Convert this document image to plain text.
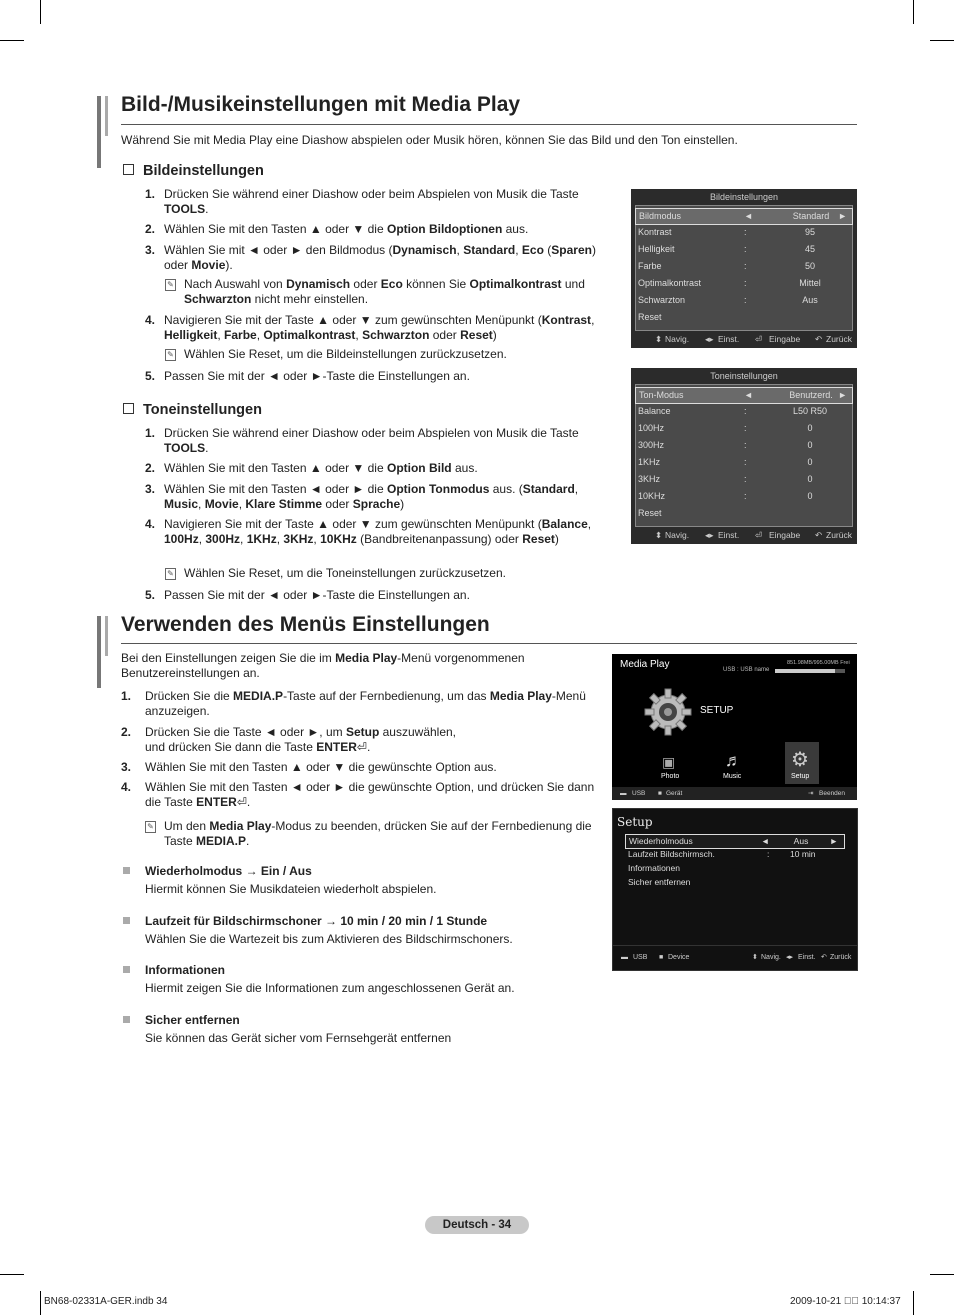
Bild-/Musikeinstellungen mit Media Play
Während Sie mit Media Play eine Diashow abspielen oder Musik hören, können Sie das Bild und den Ton einstellen.
Bildeinstellungen
1. Drücken Sie während einer Diashow oder beim Abspielen von Musik die Taste TOOLS.
2. Wählen Sie mit den Tasten ▲ oder ▼ die Option Bildoptionen aus.
3. Wählen Sie mit ◄ oder ► den Bildmodus (Dynamisch, Standard, Eco (Sparen) oder Movie).
4. Navigieren Sie mit der Taste ▲ oder ▼ zum gewünschten Menüpunkt (Kontrast, Helligkeit, Farbe, Optimalkontrast, Schwarzton oder Reset)
5. Passen Sie mit der ◄ oder ►-Taste die Einstellungen an.
✎ Nach Auswahl von Dynamisch oder Eco können Sie Optimalkontrast und Schwarzton nicht mehr einstellen.
✎ Wählen Sie Reset, um die Bildeinstellungen zurückzusetzen.
Toneinstellungen
1. Drücken Sie während einer Diashow oder beim Abspielen von Musik die Taste TOOLS.
2. Wählen Sie mit den Tasten ▲ oder ▼ die Option Bild aus.
3. Wählen Sie mit den Tasten ◄ oder ► die Option Tonmodus aus. (Standard, Music, Movie, Klare Stimme oder Sprache)
4. Navigieren Sie mit der Taste ▲ oder ▼ zum gewünschten Menüpunkt (Balance, 100Hz, 300Hz, 1KHz, 3KHz, 10KHz (Bandbreitenanpassung) oder Reset)
5. Passen Sie mit der ◄ oder ►-Taste die Einstellungen an.
✎ Wählen Sie Reset, um die Toneinstellungen zurückzusetzen.
Bildeinstellungen
Bildmodus	◄	►
Standard
Kontrast	:	95
Helligkeit	:	45
Farbe	:	50
Optimalkontrast	:	Mittel
Schwarzton	:	Aus
Reset
⬍ Navig. ◂▸ Einst. ⏎ Eingabe ↶ Zurück
Toneinstellungen
Ton-Modus	◄	►
Benutzerd.
Balance	:	L50 R50
100Hz	:	0
300Hz	:	0
1KHz	:	0
3KHz	:	0
10KHz	:	0
Reset
⬍ Navig. ◂▸ Einst. ⏎ Eingabe ↶ Zurück
Verwenden des Menüs Einstellungen
Bei den Einstellungen zeigen Sie die im Media Play-Menü vorgenommenen Benutzereinstellungen an.
1. Drücken Sie die MEDIA.P-Taste auf der Fernbedienung, um das Media Play-Menü anzuzeigen.
2. Drücken Sie die Taste ◄ oder ►, um Setup auszuwählen,
und drücken Sie dann die Taste ENTER⏎.
3. Wählen Sie mit den Tasten ▲ oder ▼ die gewünschte Option aus.
4. Wählen Sie mit den Tasten ◄ oder ► die gewünschte Option, und drücken Sie dann die Taste ENTER⏎.
✎ Um den Media Play-Modus zu beenden, drücken Sie auf der Fernbedienung die Taste MEDIA.P.
Wiederholmodus → Ein / Aus
Hiermit können Sie Musikdateien wiederholt abspielen.
Laufzeit für Bildschirmschoner → 10 min / 20 min / 1 Stunde
Wählen Sie die Wartezeit bis zum Aktivieren des Bildschirmschoners.
Informationen
Hiermit zeigen Sie die Informationen zum angeschlossenen Gerät an.
Sicher entfernen
Sie können das Gerät sicher vom Fernsehgerät entfernen
Media Play	USB : USB name
851.98MB/995.00MB Frei
SETUP
▣	♬ ⚙
Photo	Music	Setup
▬ USB ■ Gerät	⇥ Beenden
Setup
Wiederholmodus	◄	►
Aus
Laufzeit Bildschirmsch.	: 10 min
Informationen
Sicher entfernen
▬ USB ■ Device	⬍ Navig. ◂▸ Einst. ↶ Zurück
Deutsch - 34
BN68-02331A-GER.indb 34	2009-10-21 ￿￿ 10:14:37
